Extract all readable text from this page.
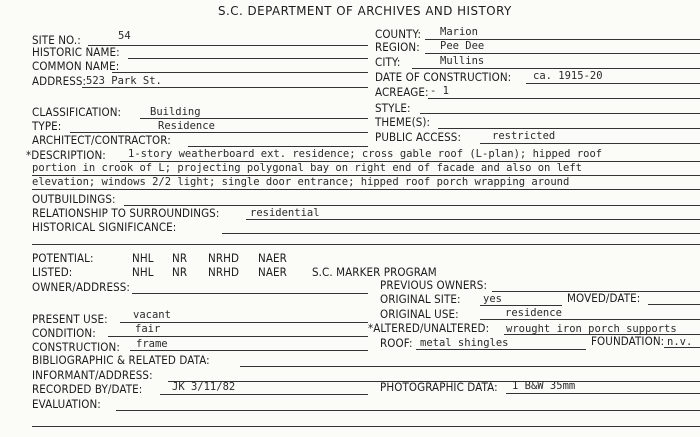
S.C. DEPARTMENT OF ARCHIVES AND HISTORY
SITE NO.:	54
HISTORIC NAME:
COMMON NAME:
ADDRESS: 523 Park St.
COUNTY: Marion
REGION: Pee Dee
CITY:	Mullins
DATE OF CONSTRUCTION: ca. 1915-20
ACREAGE: - 1
CLASSIFICATION:	Building
TYPE:	Residence
ARCHITECT/CONTRACTOR:
STYLE:
THEME(S):
PUBLIC ACCESS:	restricted
*DESCRIPTION: 1-story weatherboard ext. residence; cross gable roof (L-plan); hipped roof
portion in crook of L; projecting polygonal bay on right end of facade and also on left
elevation; windows 2/2 light; single door entrance; hipped roof porch wrapping around
OUTBUILDINGS:
RELATIONSHIP TO SURROUNDINGS:	residential
HISTORICAL SIGNIFICANCE:
POTENTIAL:	NHL NR NRHD NAER
LISTED:	NHL NR NRHD NAER S.C. MARKER PROGRAM
OWNER/ADDRESS:	PREVIOUS OWNERS:
ORIGINAL SITE: yes	MOVED/DATE:
PRESENT USE: vacant	ORIGINAL USE:	residence
CONDITION:	fair	*ALTERED/UNALTERED: wrought iron porch supports
CONSTRUCTION: frame	ROOF: metal shingles	FOUNDATION: n.v.
BIBLIOGRAPHIC & RELATED DATA:
INFORMANT/ADDRESS:
RECORDED BY/DATE:	JK 3/11/82	PHOTOGRAPHIC DATA: 1 B&W 35mm
EVALUATION:
